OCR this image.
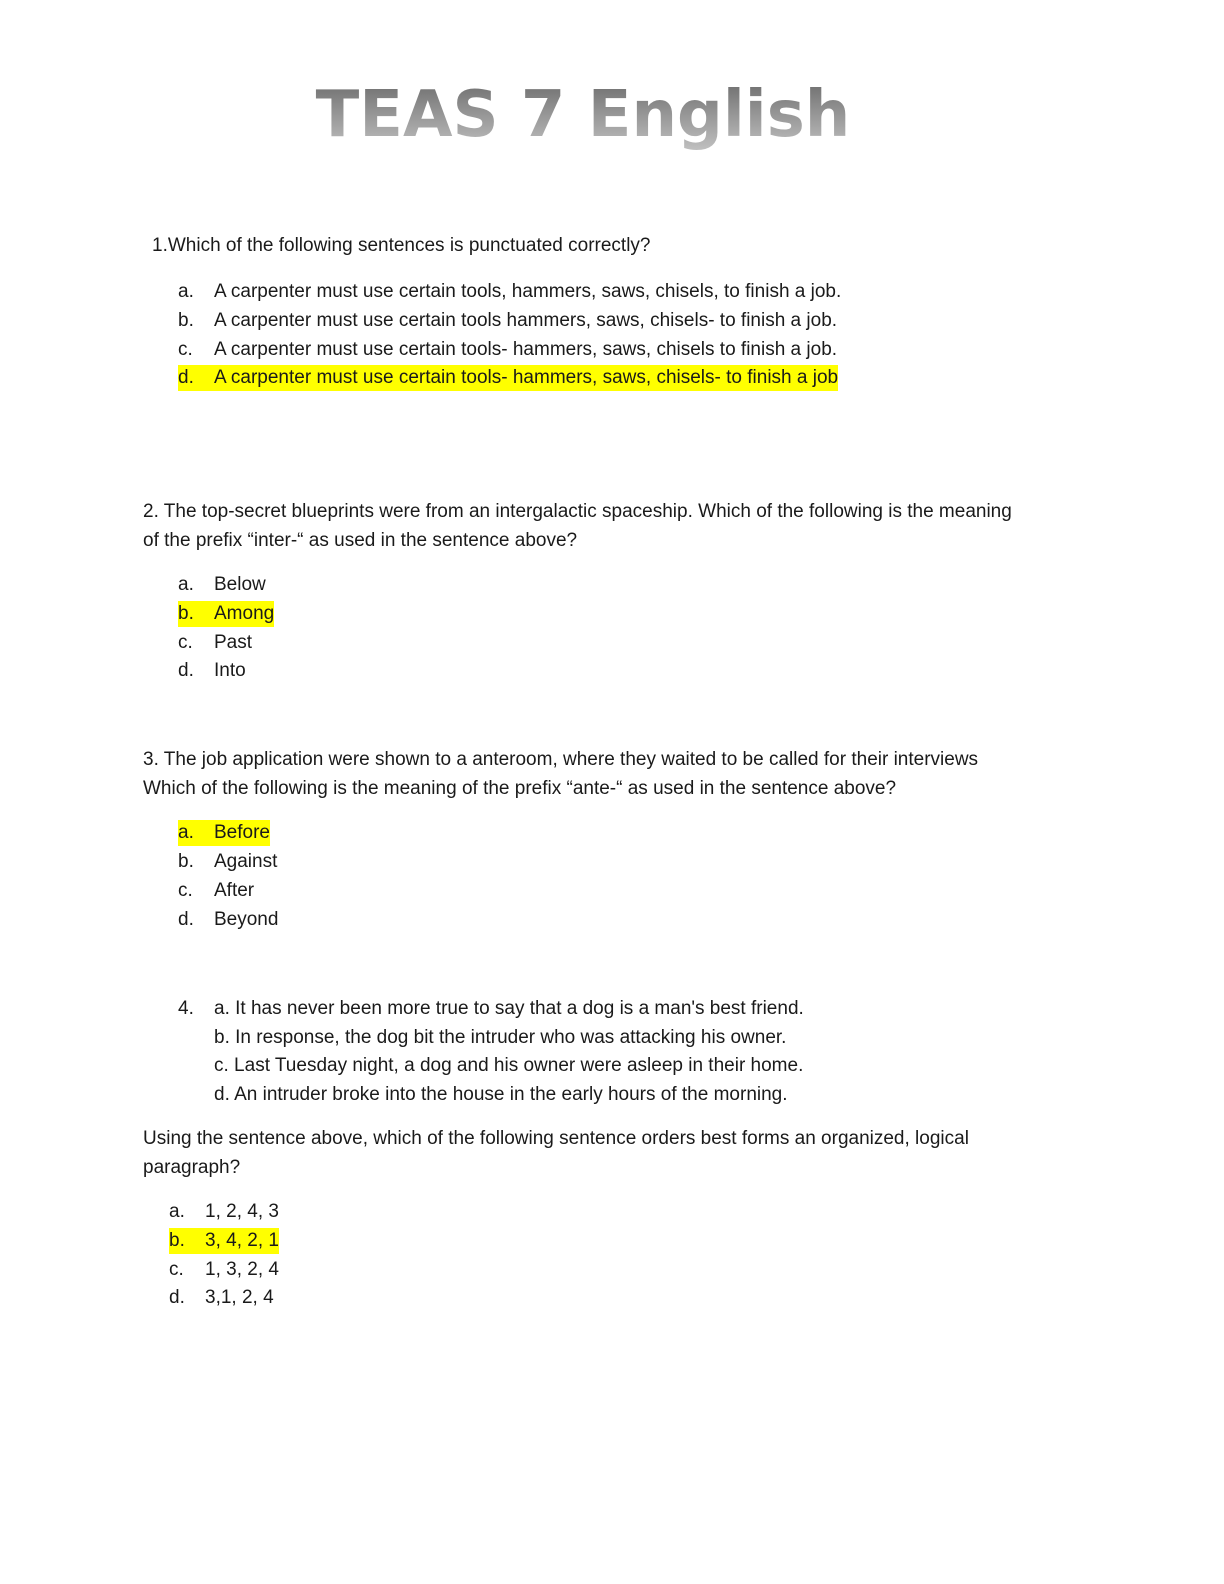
TEAS 7 English
1.Which of the following sentences is punctuated correctly?
a. A carpenter must use certain tools, hammers, saws, chisels, to finish a job.
b. A carpenter must use certain tools hammers, saws, chisels- to finish a job.
c. A carpenter must use certain tools- hammers, saws, chisels to finish a job.
d. A carpenter must use certain tools- hammers, saws, chisels- to finish a job
2. The top-secret blueprints were from an intergalactic spaceship. Which of the following is the meaning
of the prefix “inter-“ as used in the sentence above?
a. Below
b. Among
c. Past
d. Into
3. The job application were shown to a anteroom, where they waited to be called for their interviews
Which of the following is the meaning of the prefix “ante-“ as used in the sentence above?
a. Before
b. Against
c. After
d. Beyond
4. a. It has never been more true to say that a dog is a man's best friend.
b. In response, the dog bit the intruder who was attacking his owner.
c. Last Tuesday night, a dog and his owner were asleep in their home.
d. An intruder broke into the house in the early hours of the morning.
Using the sentence above, which of the following sentence orders best forms an organized, logical
paragraph?
a. 1, 2, 4, 3
b. 3, 4, 2, 1
c. 1, 3, 2, 4
d. 3,1, 2, 4
